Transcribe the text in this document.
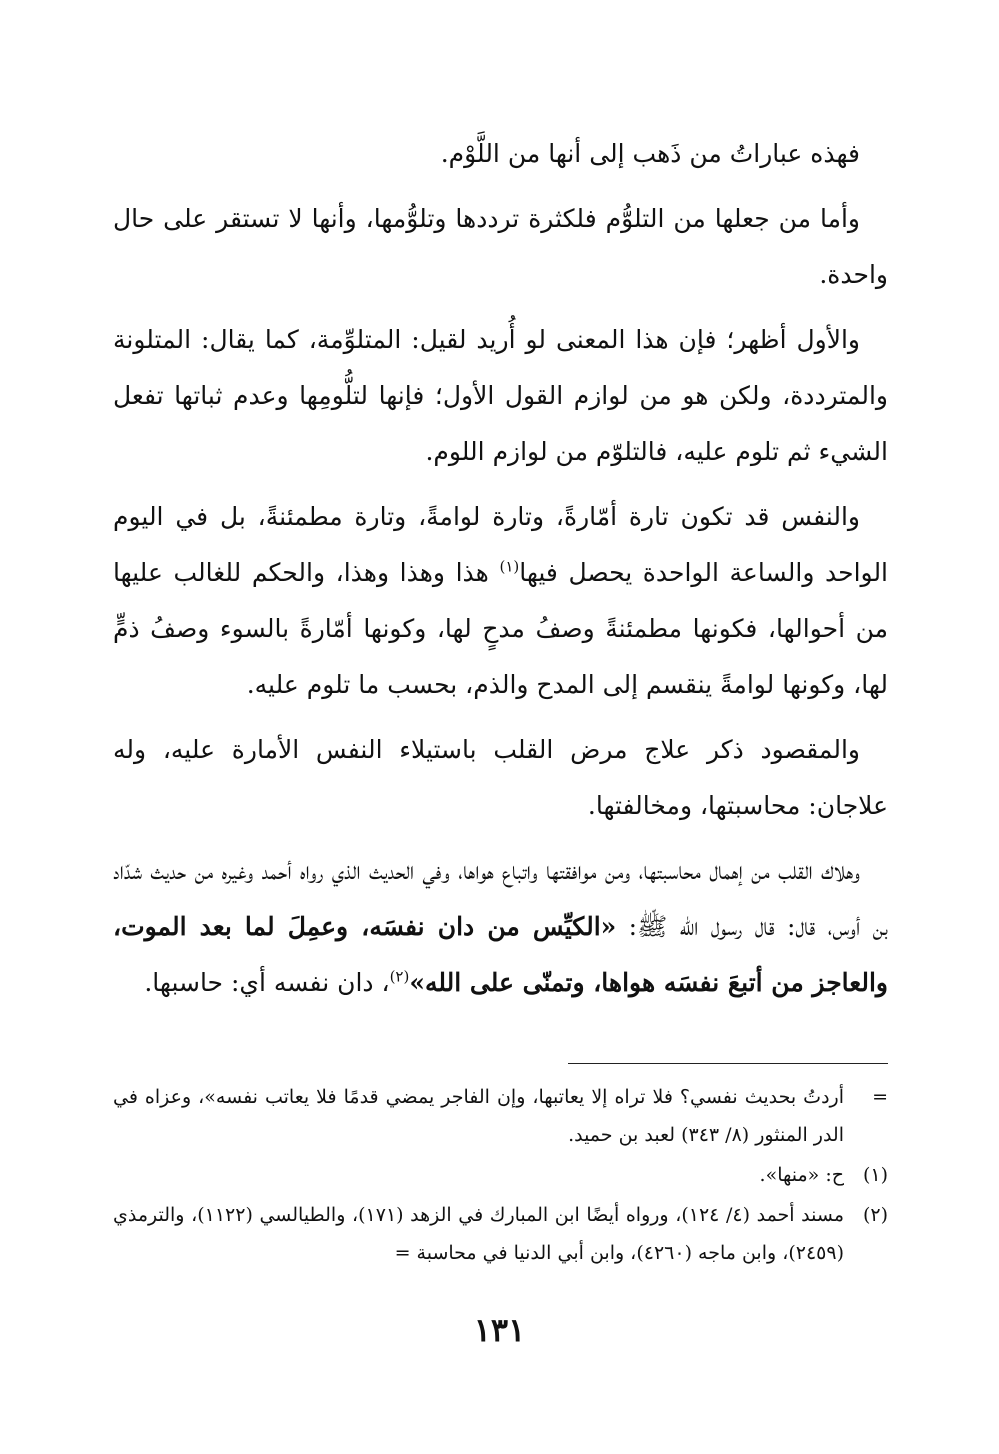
فهذه عباراتُ من ذَهب إلى أنها من اللَّوْم.

وأما من جعلها من التلوُّم فلكثرة ترددها وتلوُّمها، وأنها لا تستقر على حال واحدة.

والأول أظهر؛ فإن هذا المعنى لو أُريد لقيل: المتلوِّمة، كما يقال: المتلونة والمترددة، ولكن هو من لوازم القول الأول؛ فإنها لتلُّومِها وعدم ثباتها تفعل الشيء ثم تلوم عليه، فالتلوّم من لوازم اللوم.

والنفس قد تكون تارة أمّارةً، وتارة لوامةً، وتارة مطمئنةً، بل في اليوم الواحد والساعة الواحدة يحصل فيها$^{(١)}$ هذا وهذا وهذا، والحكم للغالب عليها من أحوالها، فكونها مطمئنةً وصفُ مدحٍ لها، وكونها أمّارةً بالسوء وصفُ ذمٍّ لها، وكونها لوامةً ينقسم إلى المدح والذم، بحسب ما تلوم عليه.

والمقصود ذكر علاج مرض القلب باستيلاء النفس الأمارة عليه، وله علاجان: محاسبتها، ومخالفتها.

وهلاك القلب من إهمال محاسبتها، ومن موافقتها واتباع هواها، وفي الحديث الذي رواه أحمد وغيره من حديث شدّاد بن أوس، قال: قال رسول الله ﷺ: «الكيِّس من دان نفسَه، وعمِلَ لما بعد الموت، والعاجز من أتبعَ نفسَه هواها، وتمنّى على الله»$^{(٢)}$، دان نفسه أي: حاسبها.

=
أردتُ بحديث نفسي؟ فلا تراه إلا يعاتبها، وإن الفاجر يمضي قدمًا فلا يعاتب نفسه»، وعزاه في الدر المنثور (٨/ ٣٤٣) لعبد بن حميد.
(١)
ح: «منها».
(٢)
مسند أحمد (٤/ ١٢٤)، ورواه أيضًا ابن المبارك في الزهد (١٧١)، والطيالسي (١١٢٢)، والترمذي (٢٤٥٩)، وابن ماجه (٤٢٦٠)، وابن أبي الدنيا في محاسبة =
١٣١
